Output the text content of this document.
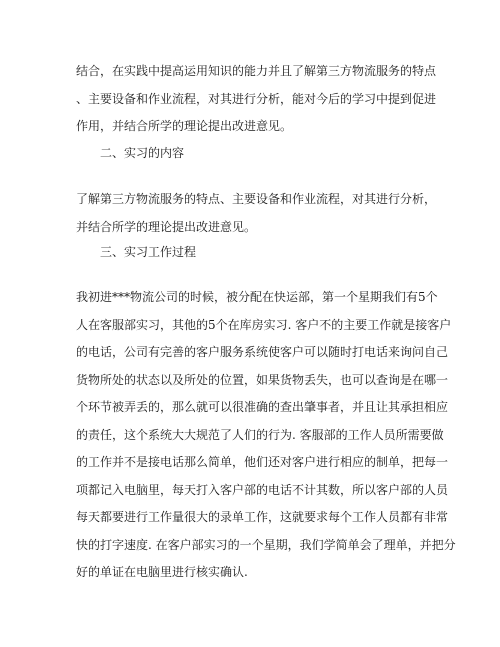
结合，在实践中提高运用知识的能力并且了解第三方物流服务的特点
、主要设备和作业流程，对其进行分析，能对今后的学习中提到促进
作用，并结合所学的理论提出改进意见。
二、实习的内容
了解第三方物流服务的特点、主要设备和作业流程，对其进行分析，
并结合所学的理论提出改进意见。
三、实习工作过程
我初进***物流公司的时候，被分配在快运部，第一个星期我们有5个
人在客服部实习，其他的5个在库房实习. 客户不的主要工作就是接客户
的电话，公司有完善的客户服务系统使客户可以随时打电话来询问自己
货物所处的状态以及所处的位置，如果货物丢失，也可以查询是在哪一
个环节被弄丢的，那么就可以很准确的查出肇事者，并且让其承担相应
的责任，这个系统大大规范了人们的行为. 客服部的工作人员所需要做
的工作并不是接电话那么简单，他们还对客户进行相应的制单，把每一
项都记入电脑里，每天打入客户部的电话不计其数，所以客户部的人员
每天都要进行工作量很大的录单工作，这就要求每个工作人员都有非常
快的打字速度. 在客户部实习的一个星期，我们学简单会了理单，并把分
好的单证在电脑里进行核实确认.
